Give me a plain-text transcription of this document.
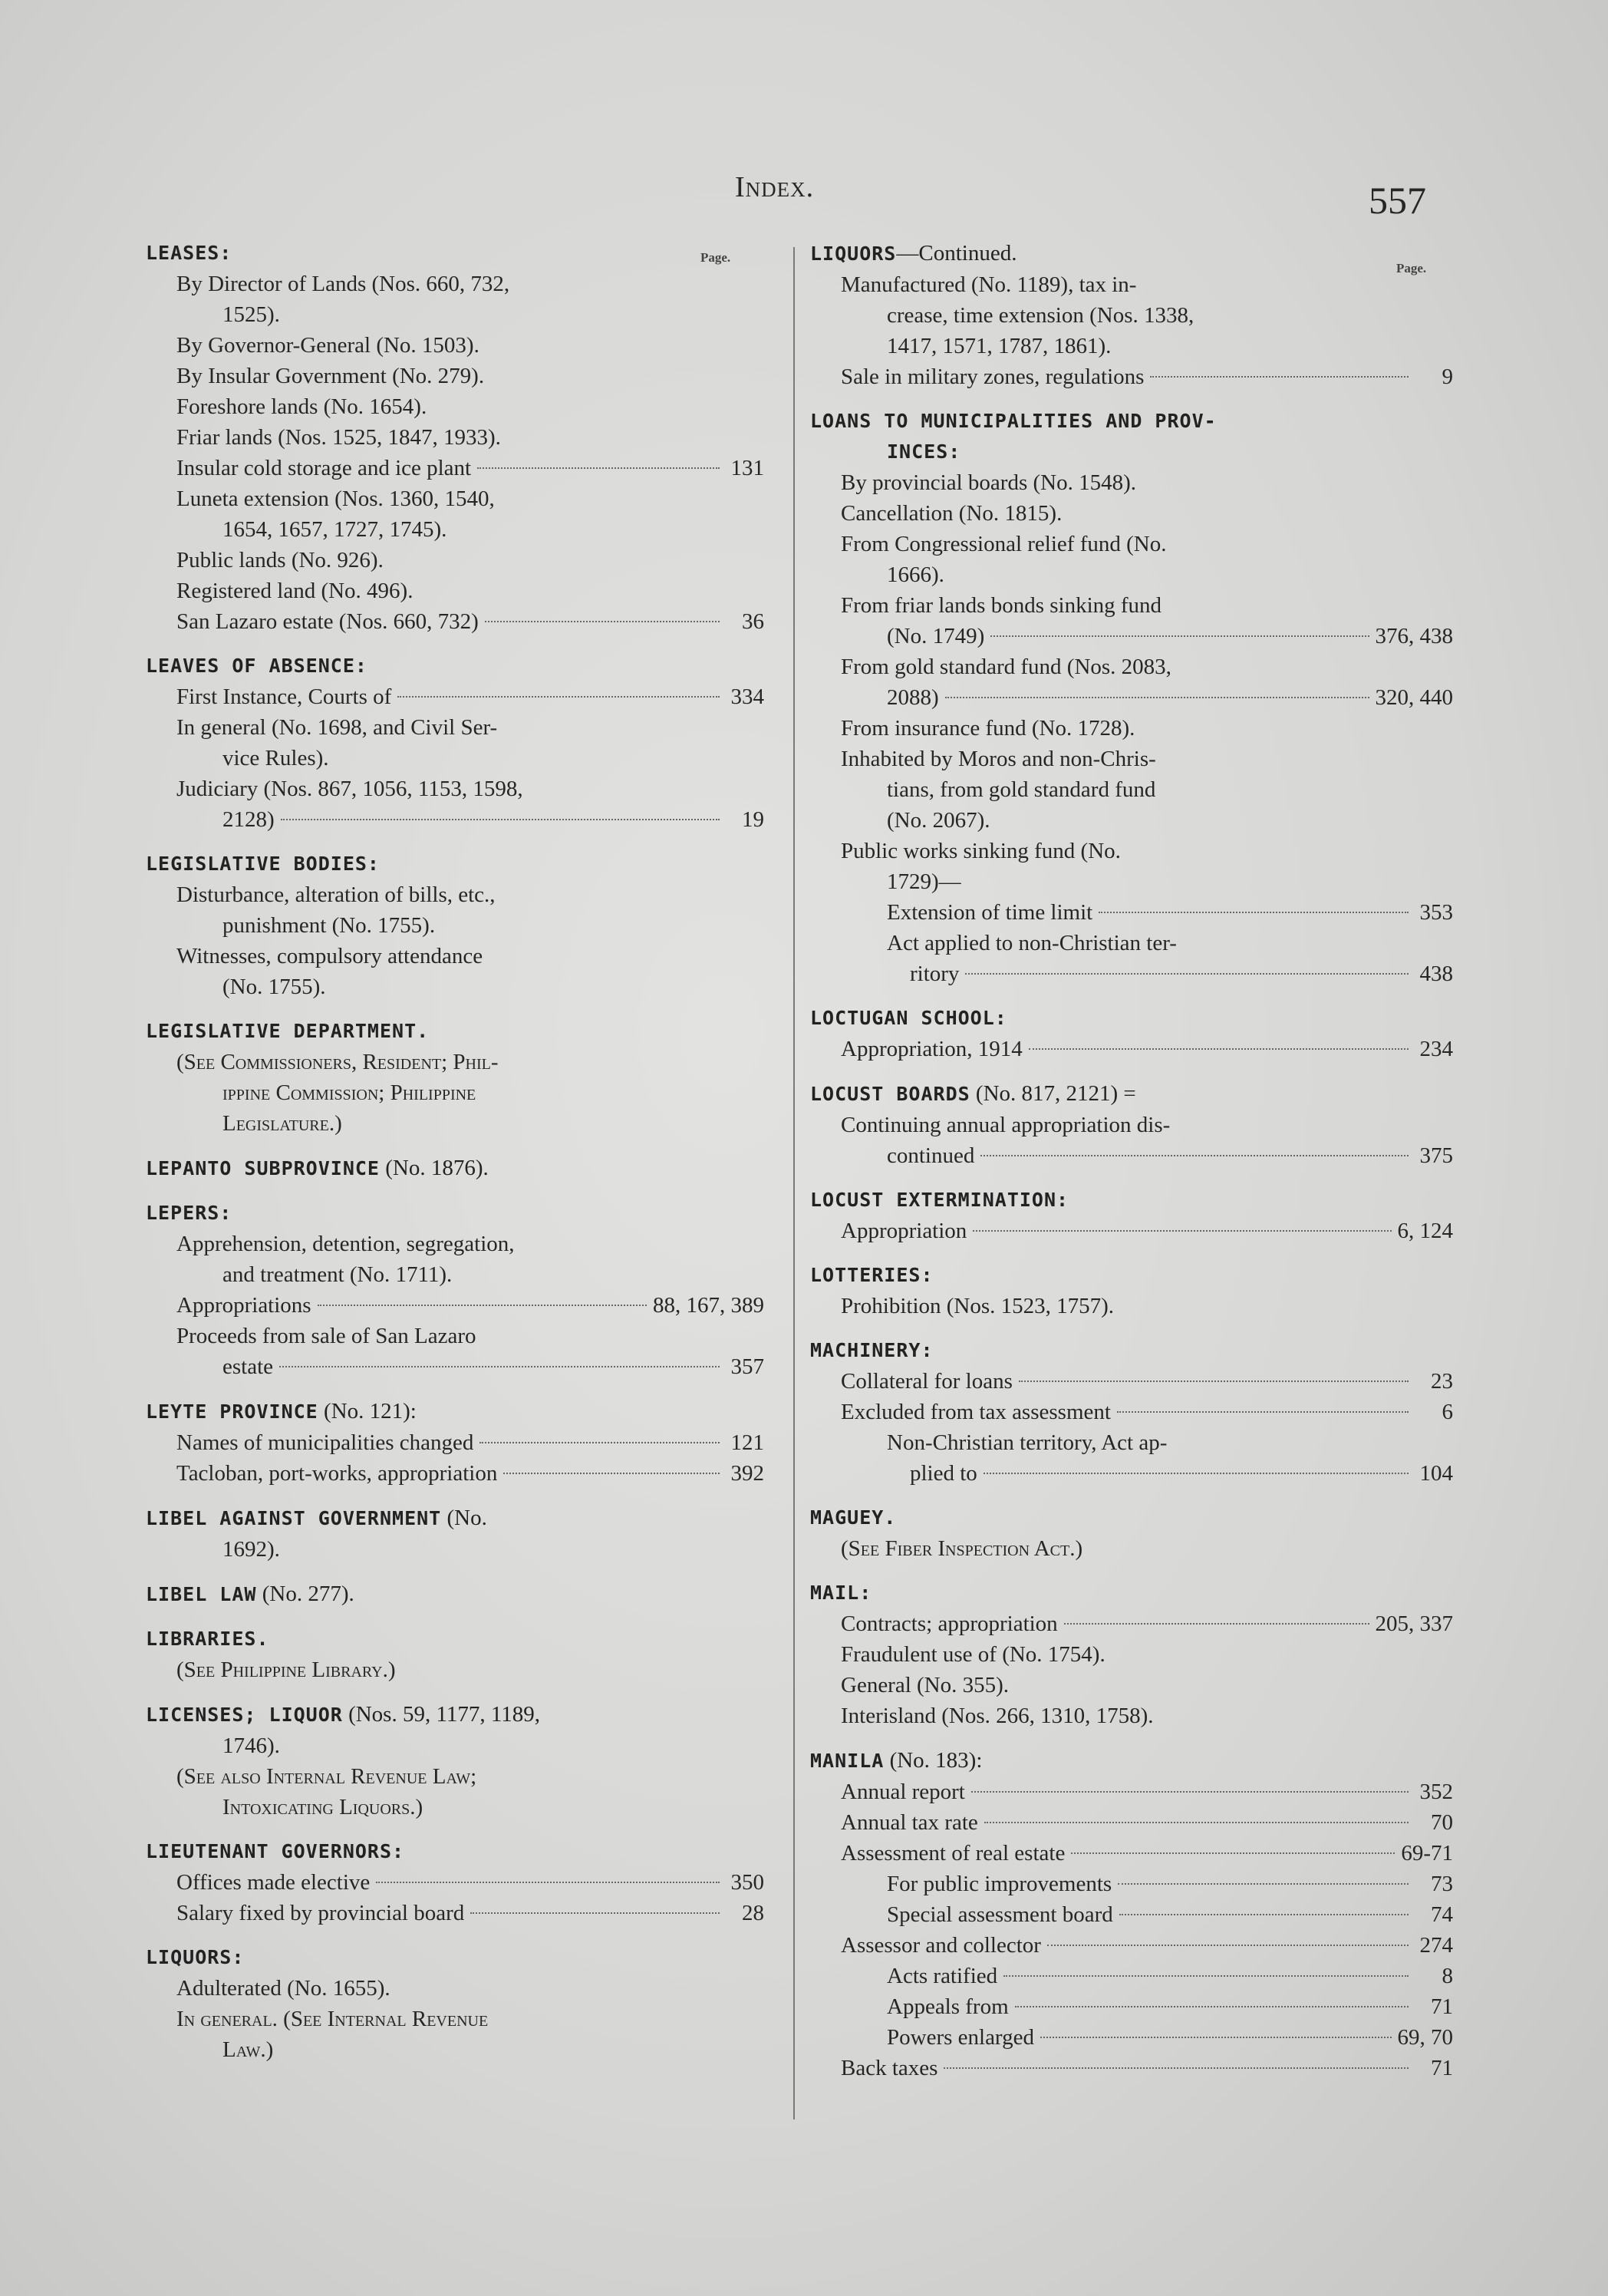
Index.	557
Page.
Page.
LEASES:
By Director of Lands (Nos. 660, 732,
1525).
By Governor-General (No. 1503).
By Insular Government (No. 279).
Foreshore lands (No. 1654).
Friar lands (Nos. 1525, 1847, 1933).
Insular cold storage and ice plant	131
Luneta extension (Nos. 1360, 1540,
1654, 1657, 1727, 1745).
Public lands (No. 926).
Registered land (No. 496).
San Lazaro estate (Nos. 660, 732)	36
LEAVES OF ABSENCE:
First Instance, Courts of	334
In general (No. 1698, and Civil Ser-
vice Rules).
Judiciary (Nos. 867, 1056, 1153, 1598,
2128)	19
LEGISLATIVE BODIES:
Disturbance, alteration of bills, etc.,
punishment (No. 1755).
Witnesses, compulsory attendance
(No. 1755).
LEGISLATIVE DEPARTMENT.
(See Commissioners, Resident; Phil-
ippine Commission; Philippine
Legislature.)
LEPANTO SUBPROVINCE (No. 1876).
LEPERS:
Apprehension, detention, segregation,
and treatment (No. 1711).
Appropriations	88, 167, 389
Proceeds from sale of San Lazaro
estate	357
LEYTE PROVINCE (No. 121):
Names of municipalities changed	121
Tacloban, port-works, appropriation	392
LIBEL AGAINST GOVERNMENT (No.
1692).
LIBEL LAW (No. 277).
LIBRARIES.
(See Philippine Library.)
LICENSES; LIQUOR (Nos. 59, 1177, 1189,
1746).
(See also Internal Revenue Law;
Intoxicating Liquors.)
LIEUTENANT GOVERNORS:
Offices made elective	350
Salary fixed by provincial board	28
LIQUORS:
Adulterated (No. 1655).
In general. (See Internal Revenue
Law.)
LIQUORS—Continued.
Manufactured (No. 1189), tax in-
crease, time extension (Nos. 1338,
1417, 1571, 1787, 1861).
Sale in military zones, regulations	9
LOANS TO MUNICIPALITIES AND PROV-
INCES:
By provincial boards (No. 1548).
Cancellation (No. 1815).
From Congressional relief fund (No.
1666).
From friar lands bonds sinking fund
(No. 1749)	376, 438
From gold standard fund (Nos. 2083,
2088)	320, 440
From insurance fund (No. 1728).
Inhabited by Moros and non-Chris-
tians, from gold standard fund
(No. 2067).
Public works sinking fund (No.
1729)—
Extension of time limit	353
Act applied to non-Christian ter-
ritory	438
LOCTUGAN SCHOOL:
Appropriation, 1914	234
LOCUST BOARDS (No. 817, 2121) =
Continuing annual appropriation dis-
continued	375
LOCUST EXTERMINATION:
Appropriation	6, 124
LOTTERIES:
Prohibition (Nos. 1523, 1757).
MACHINERY:
Collateral for loans	23
Excluded from tax assessment	6
Non-Christian territory, Act ap-
plied to	104
MAGUEY.
(See Fiber Inspection Act.)
MAIL:
Contracts; appropriation	205, 337
Fraudulent use of (No. 1754).
General (No. 355).
Interisland (Nos. 266, 1310, 1758).
MANILA (No. 183):
Annual report	352
Annual tax rate	70
Assessment of real estate	69-71
For public improvements	73
Special assessment board	74
Assessor and collector	274
Acts ratified	8
Appeals from	71
Powers enlarged	69, 70
Back taxes	71
